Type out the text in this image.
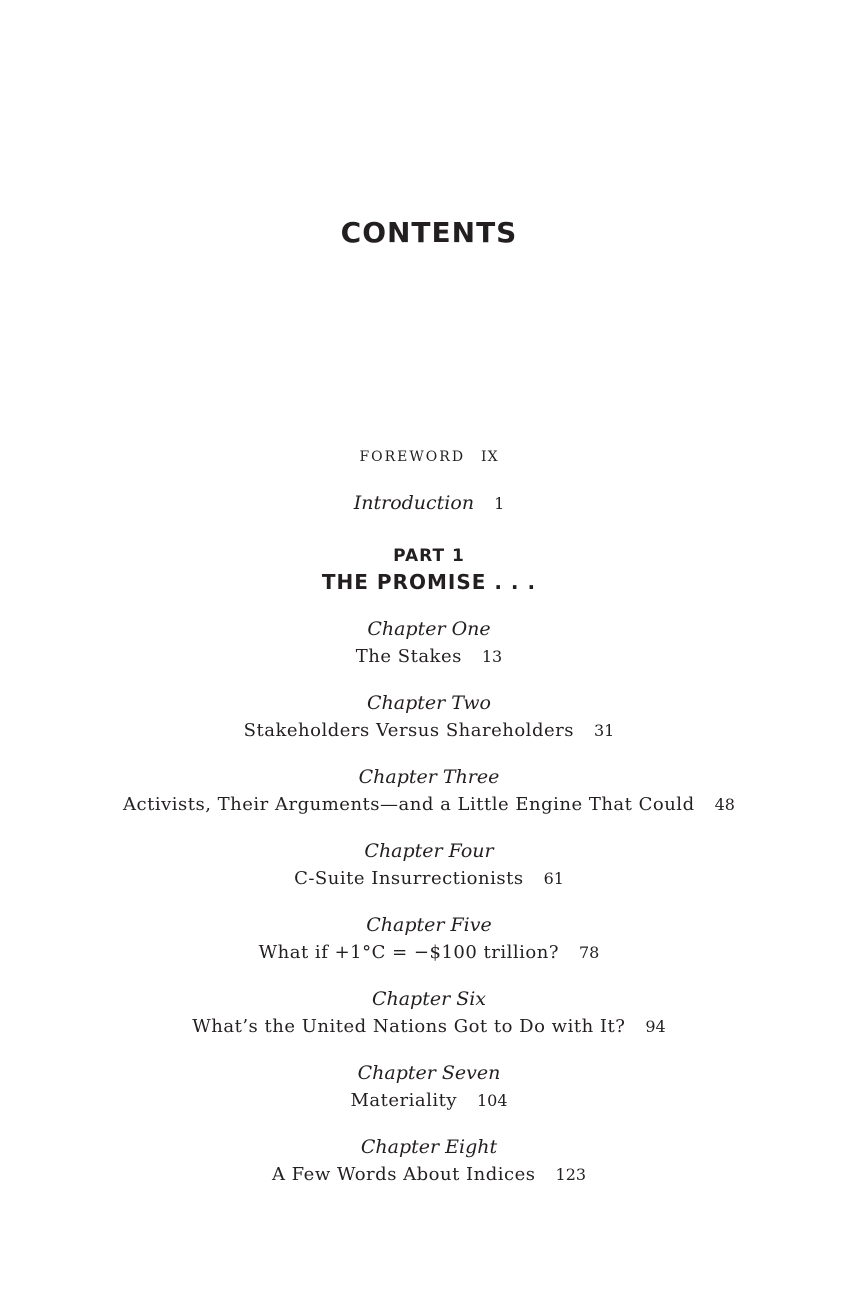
CONTENTS
FOREWORD IX
Introduction 1
PART 1
THE PROMISE . . .
Chapter One
The Stakes 13
Chapter Two
Stakeholders Versus Shareholders 31
Chapter Three
Activists, Their Arguments—and a Little Engine That Could 48
Chapter Four
C-Suite Insurrectionists 61
Chapter Five
What if +1°C = −$100 trillion? 78
Chapter Six
What’s the United Nations Got to Do with It? 94
Chapter Seven
Materiality 104
Chapter Eight
A Few Words About Indices 123
